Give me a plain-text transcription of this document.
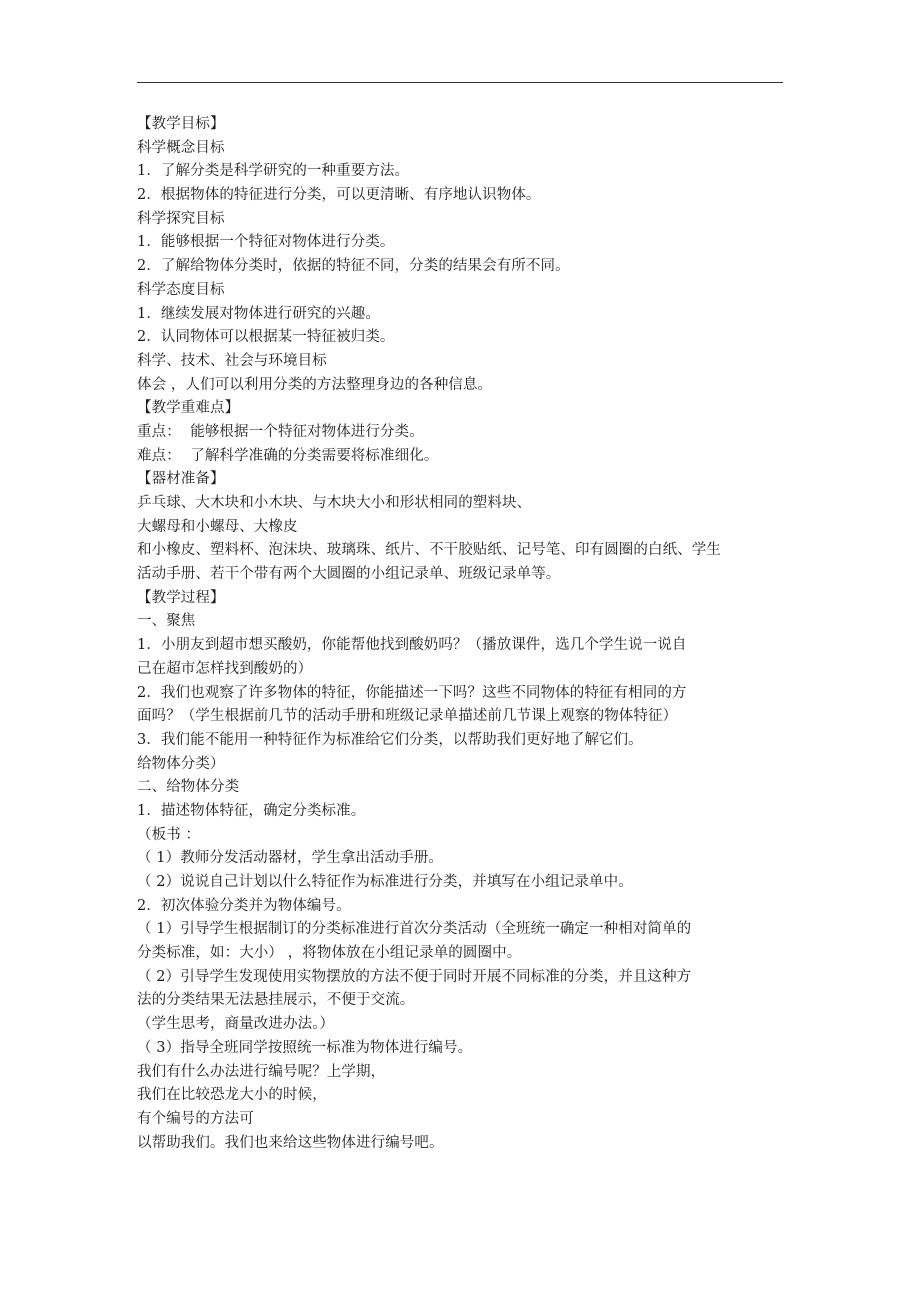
【教学目标】
科学概念目标
1．了解分类是科学研究的一种重要方法。
2．根据物体的特征进行分类，可以更清晰、有序地认识物体。
科学探究目标
1．能够根据一个特征对物体进行分类。
2．了解给物体分类时，依据的特征不同，分类的结果会有所不同。
科学态度目标
1．继续发展对物体进行研究的兴趣。
2．认同物体可以根据某一特征被归类。
科学、技术、社会与环境目标
体会 ，人们可以利用分类的方法整理身边的各种信息。
【教学重难点】
重点：  能够根据一个特征对物体进行分类。
难点：  了解科学准确的分类需要将标准细化。
【器材准备】
乒乓球、大木块和小木块、与木块大小和形状相同的塑料块、
大螺母和小螺母、大橡皮
和小橡皮、塑料杯、泡沫块、玻璃珠、纸片、不干胶贴纸、记号笔、印有圆圈的白纸、学生
活动手册、若干个带有两个大圆圈的小组记录单、班级记录单等。
【教学过程】
一、聚焦
1．小朋友到超市想买酸奶，你能帮他找到酸奶吗？（播放课件，选几个学生说一说自
己在超市怎样找到酸奶的）
2．我们也观察了许多物体的特征，你能描述一下吗？这些不同物体的特征有相同的方
面吗？（学生根据前几节的活动手册和班级记录单描述前几节课上观察的物体特征）
3．我们能不能用一种特征作为标准给它们分类，以帮助我们更好地了解它们。
给物体分类）
二、给物体分类
1．描述物体特征，确定分类标准。
（板书 ：
（ 1）教师分发活动器材，学生拿出活动手册。
（ 2）说说自己计划以什么特征作为标准进行分类，并填写在小组记录单中。
2．初次体验分类并为物体编号。
（ 1）引导学生根据制订的分类标准进行首次分类活动（全班统一确定一种相对简单的
分类标准，如：大小） ，将物体放在小组记录单的圆圈中。
（ 2）引导学生发现使用实物摆放的方法不便于同时开展不同标准的分类，并且这种方
法的分类结果无法悬挂展示，不便于交流。
（学生思考，商量改进办法。）
（ 3）指导全班同学按照统一标准为物体进行编号。
我们有什么办法进行编号呢？上学期，
我们在比较恐龙大小的时候，
有个编号的方法可
以帮助我们。我们也来给这些物体进行编号吧。
